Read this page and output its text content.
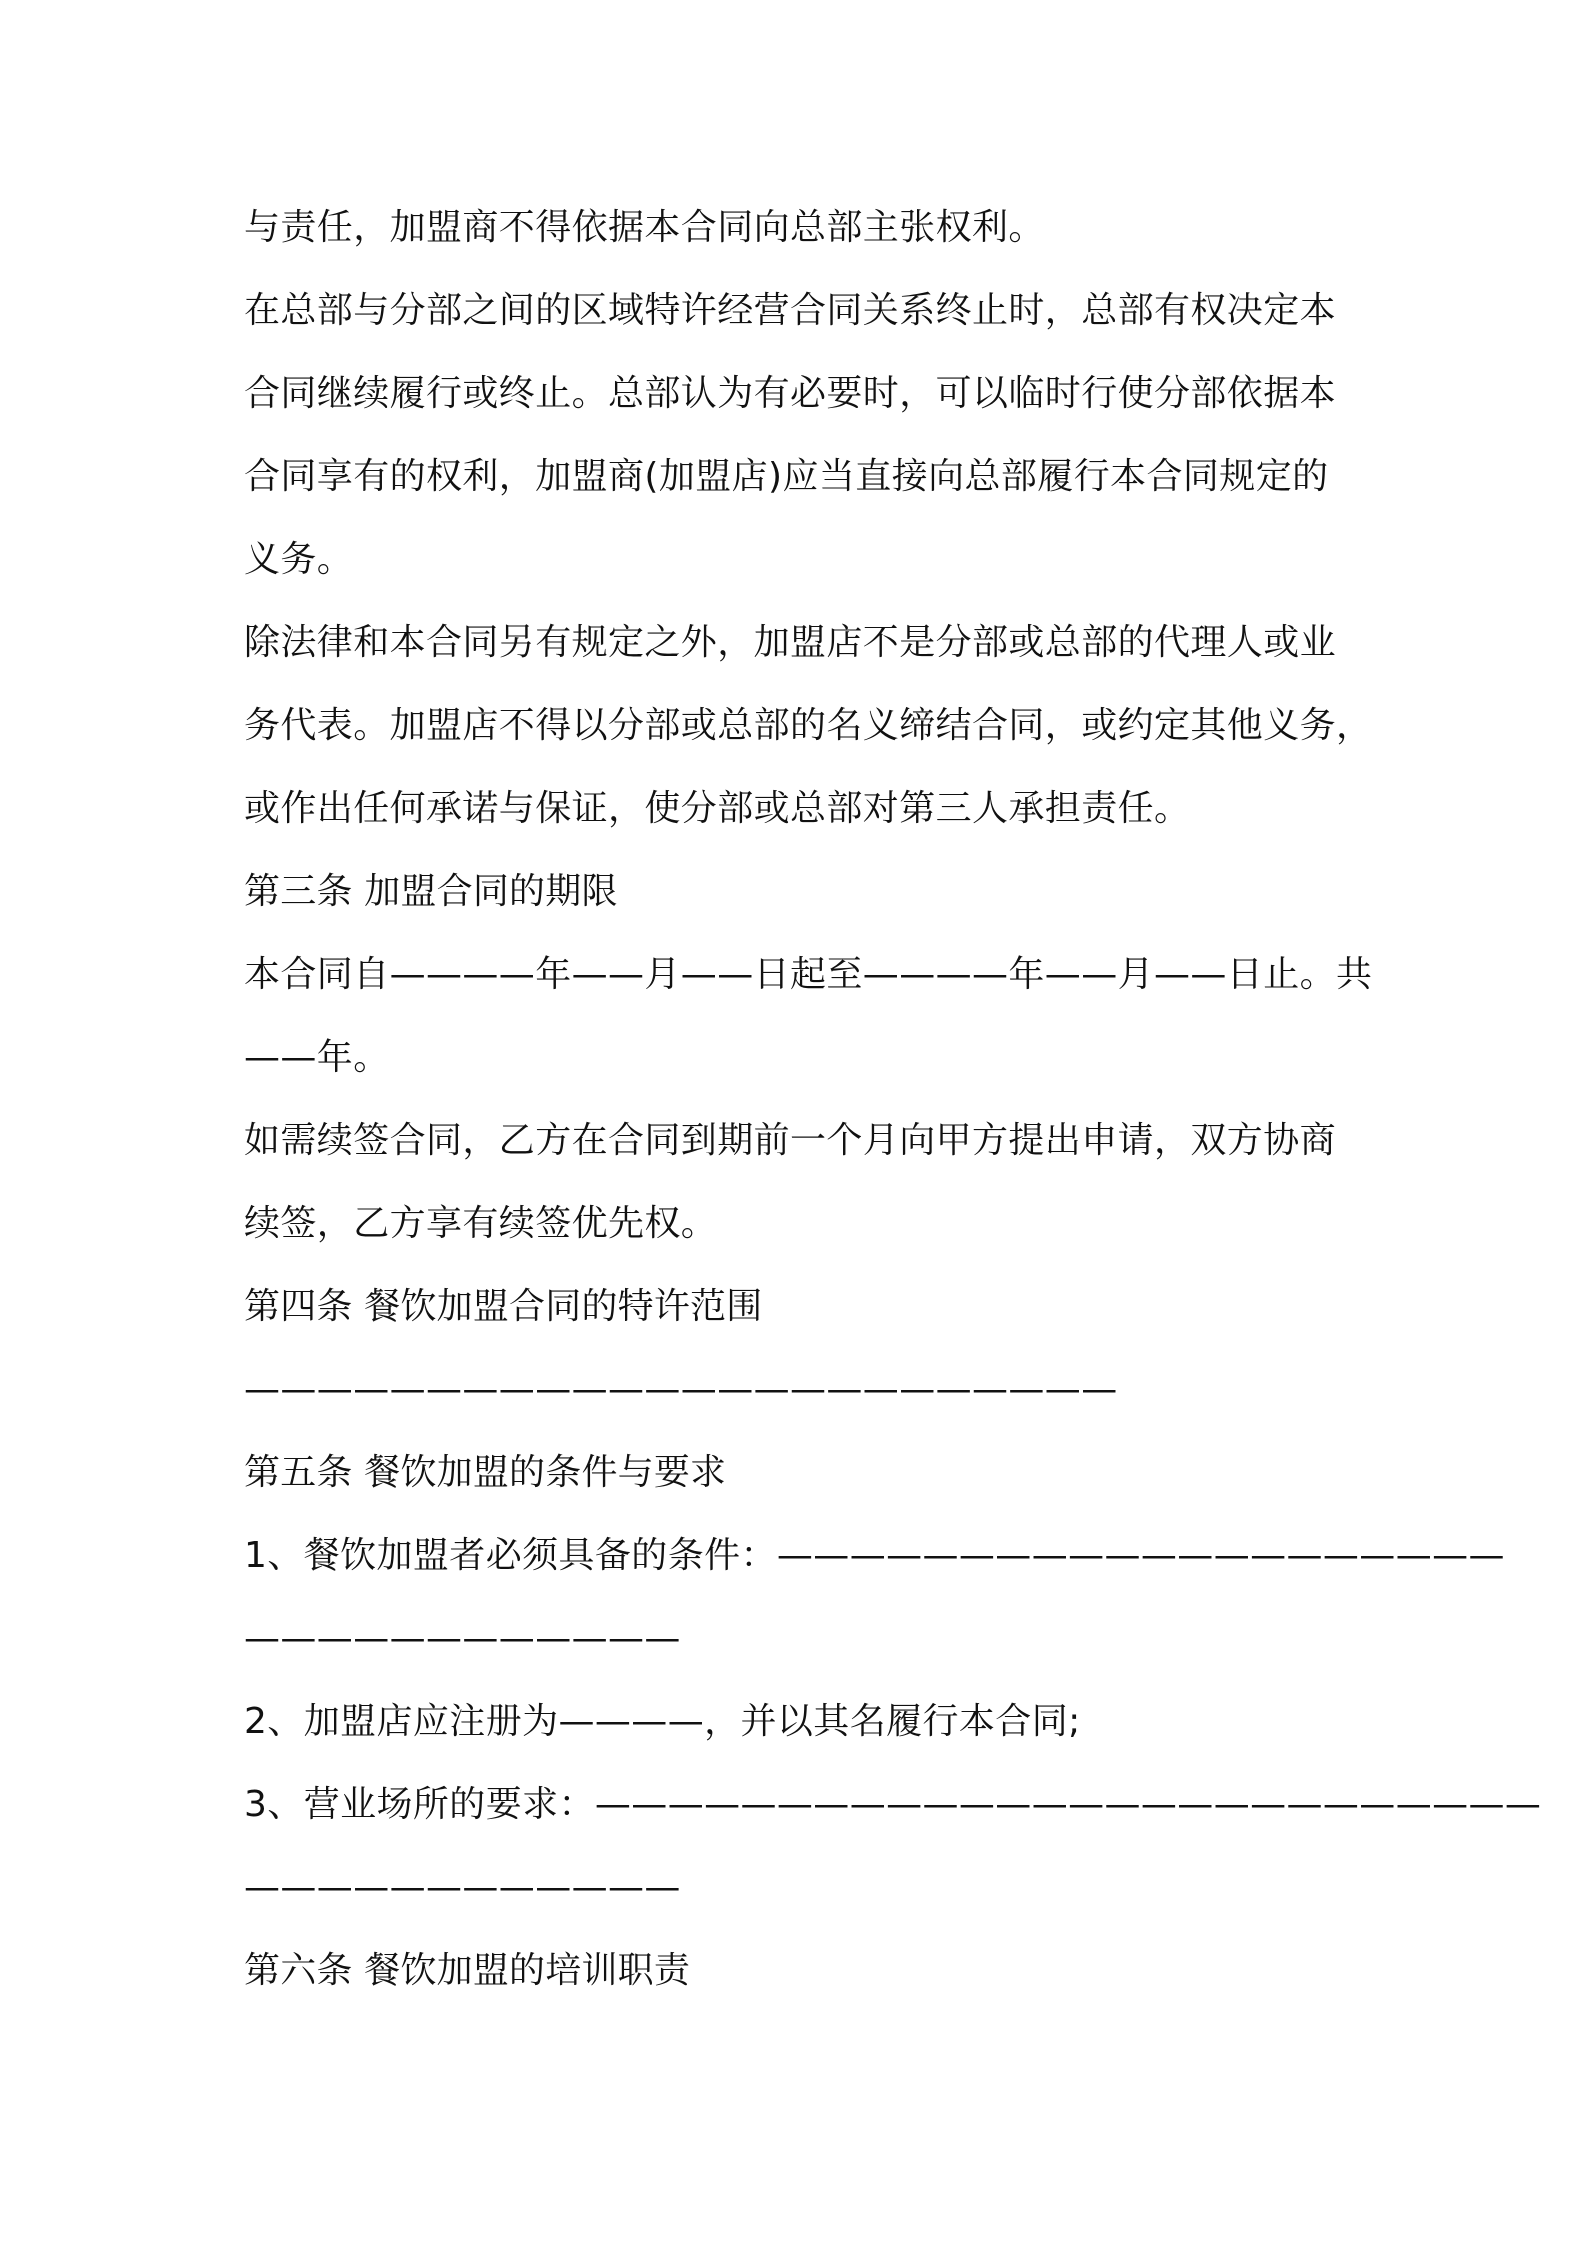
与责任，加盟商不得依据本合同向总部主张权利。
在总部与分部之间的区域特许经营合同关系终止时，总部有权决定本
合同继续履行或终止。总部认为有必要时，可以临时行使分部依据本
合同享有的权利，加盟商(加盟店)应当直接向总部履行本合同规定的
义务。
除法律和本合同另有规定之外，加盟店不是分部或总部的代理人或业
务代表。加盟店不得以分部或总部的名义缔结合同，或约定其他义务，
或作出任何承诺与保证，使分部或总部对第三人承担责任。
第三条 加盟合同的期限
本合同自————年——月——日起至————年——月——日止。共
——年。
如需续签合同，乙方在合同到期前一个月向甲方提出申请，双方协商
续签，乙方享有续签优先权。
第四条 餐饮加盟合同的特许范围
————————————————————————
第五条 餐饮加盟的条件与要求
1、餐饮加盟者必须具备的条件：————————————————————
————————————
2、加盟店应注册为————，并以其名履行本合同;
3、营业场所的要求：——————————————————————————
————————————
第六条 餐饮加盟的培训职责
